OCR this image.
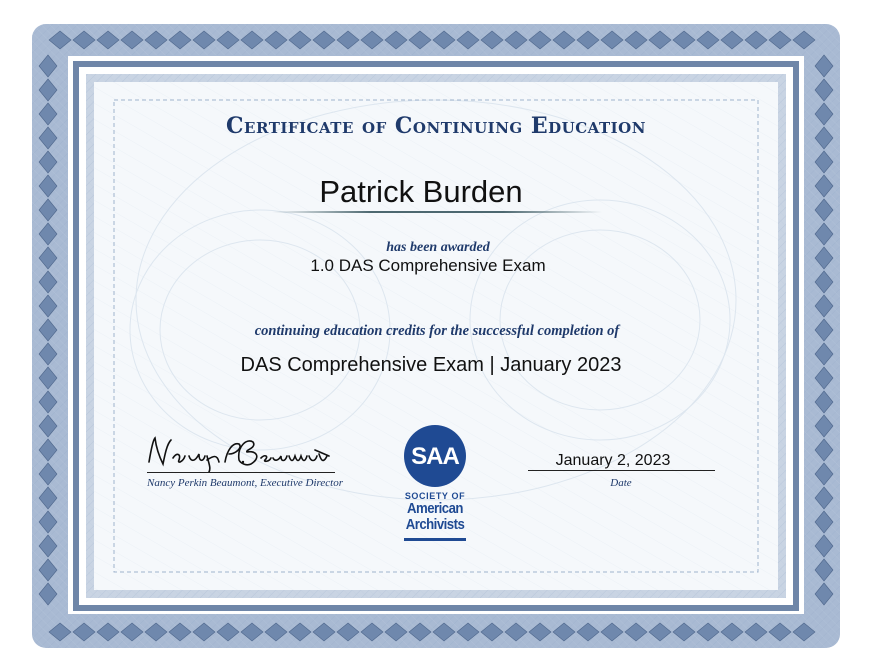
Certificate of Continuing Education
Patrick Burden
has been awarded
1.0 DAS Comprehensive Exam
continuing education credits for the successful completion of
DAS Comprehensive Exam | January 2023
Nancy Perkin Beaumont, Executive Director
SAA
SOCIETY OF
American
Archivists
January 2, 2023
Date
